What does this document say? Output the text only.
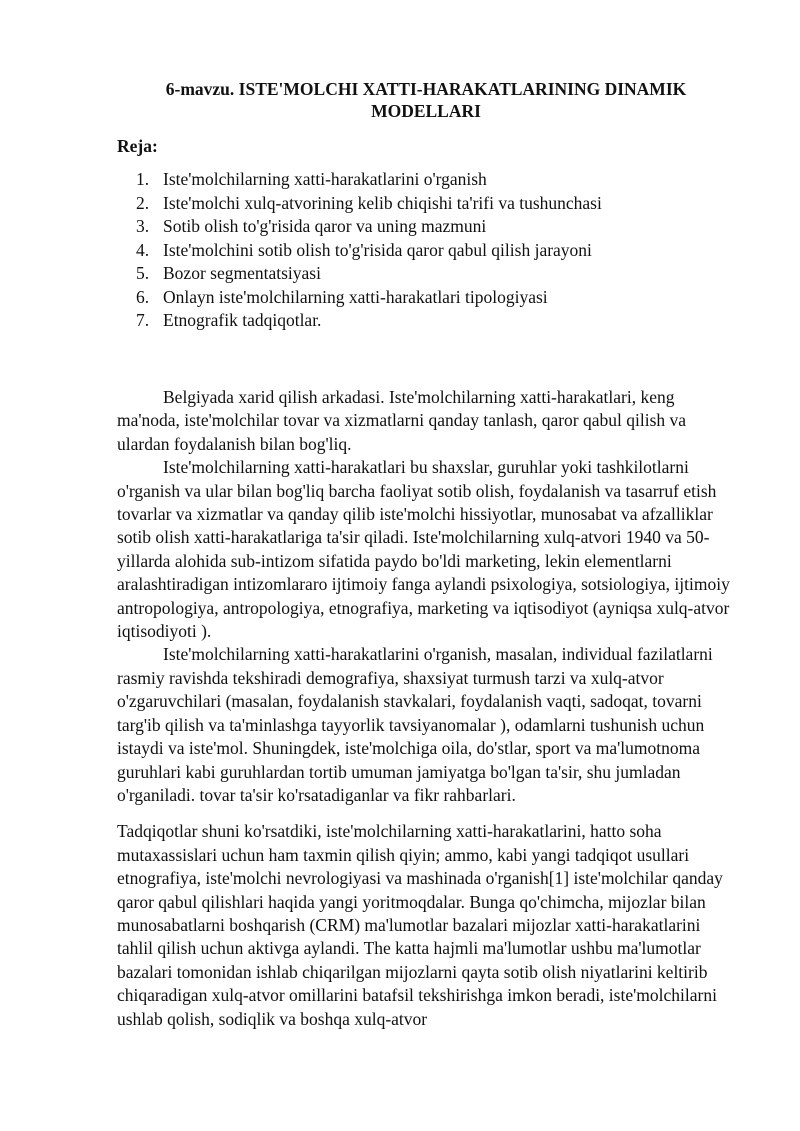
6-mavzu. ISTE'MOLCHI XATTI-HARAKATLARINING DINAMIK MODELLARI
Reja:
1. Iste'molchilarning xatti-harakatlarini o'rganish
2. Iste'molchi xulq-atvorining kelib chiqishi ta'rifi va tushunchasi
3. Sotib olish to'g'risida qaror va uning mazmuni
4. Iste'molchini sotib olish to'g'risida qaror qabul qilish jarayoni
5. Bozor segmentatsiyasi
6. Onlayn iste'molchilarning xatti-harakatlari tipologiyasi
7. Etnografik tadqiqotlar.

Belgiyada xarid qilish arkadasi. Iste'molchilarning xatti-harakatlari, keng ma'noda, iste'molchilar tovar va xizmatlarni qanday tanlash, qaror qabul qilish va ulardan foydalanish bilan bog'liq.

Iste'molchilarning xatti-harakatlari bu shaxslar, guruhlar yoki tashkilotlarni o'rganish va ular bilan bog'liq barcha faoliyat sotib olish, foydalanish va tasarruf etish tovarlar va xizmatlar va qanday qilib iste'molchi hissiyotlar, munosabat va afzalliklar sotib olish xatti-harakatlariga ta'sir qiladi. Iste'molchilarning xulq-atvori 1940 va 50-yillarda alohida sub-intizom sifatida paydo bo'ldi marketing, lekin elementlarni aralashtiradigan intizomlararo ijtimoiy fanga aylandi psixologiya, sotsiologiya, ijtimoiy antropologiya, antropologiya, etnografiya, marketing va iqtisodiyot (ayniqsa xulq-atvor iqtisodiyoti ).

Iste'molchilarning xatti-harakatlarini o'rganish, masalan, individual fazilatlarni rasmiy ravishda tekshiradi demografiya, shaxsiyat turmush tarzi va xulq-atvor o'zgaruvchilari (masalan, foydalanish stavkalari, foydalanish vaqti, sadoqat, tovarni targ'ib qilish va ta'minlashga tayyorlik tavsiyanomalar ), odamlarni tushunish uchun istaydi va iste'mol. Shuningdek, iste'molchiga oila, do'stlar, sport va ma'lumotnoma guruhlari kabi guruhlardan tortib umuman jamiyatga bo'lgan ta'sir, shu jumladan o'rganiladi. tovar ta'sir ko'rsatadiganlar va fikr rahbarlari.

Tadqiqotlar shuni ko'rsatdiki, iste'molchilarning xatti-harakatlarini, hatto soha mutaxassislari uchun ham taxmin qilish qiyin; ammo, kabi yangi tadqiqot usullari etnografiya, iste'molchi nevrologiyasi va mashinada o'rganish[1] iste'molchilar qanday qaror qabul qilishlari haqida yangi yoritmoqdalar. Bunga qo'chimcha, mijozlar bilan munosabatlarni boshqarish (CRM) ma'lumotlar bazalari mijozlar xatti-harakatlarini tahlil qilish uchun aktivga aylandi. The katta hajmli ma'lumotlar ushbu ma'lumotlar bazalari tomonidan ishlab chiqarilgan mijozlarni qayta sotib olish niyatlarini keltirib chiqaradigan xulq-atvor omillarini batafsil tekshirishga imkon beradi, iste'molchilarni ushlab qolish, sodiqlik va boshqa xulq-atvor
